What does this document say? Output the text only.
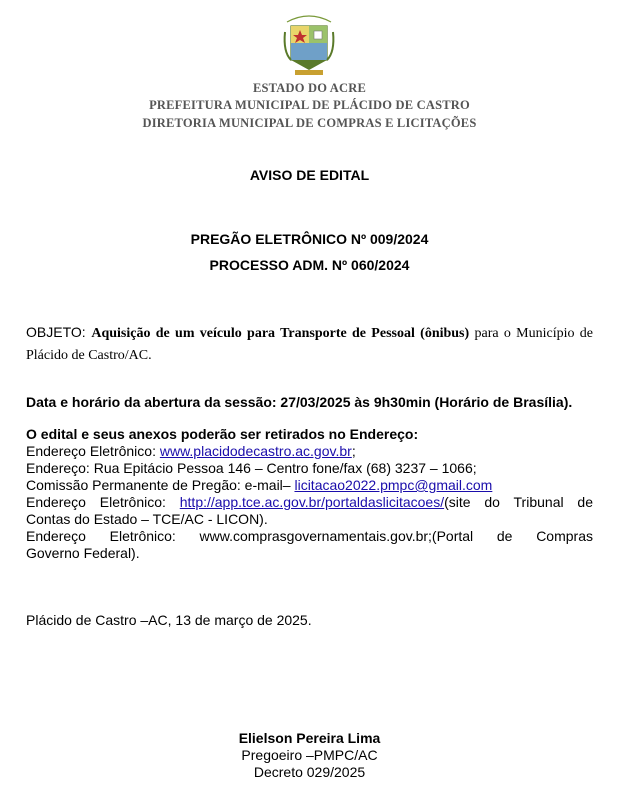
ESTADO DO ACRE
PREFEITURA MUNICIPAL DE PLÁCIDO DE CASTRO
DIRETORIA MUNICIPAL DE COMPRAS E LICITAÇÕES
AVISO DE EDITAL
PREGÃO ELETRÔNICO Nº 009/2024
PROCESSO ADM. Nº 060/2024
OBJETO: Aquisição de um veículo para Transporte de Pessoal (ônibus) para o Município de Plácido de Castro/AC.
Data e horário da abertura da sessão: 27/03/2025 às 9h30min (Horário de Brasília).
O edital e seus anexos poderão ser retirados no Endereço:
Endereço Eletrônico: www.placidodecastro.ac.gov.br;
Endereço: Rua Epitácio Pessoa 146 – Centro fone/fax (68) 3237 – 1066;
Comissão Permanente de Pregão: e-mail– licitacao2022.pmpc@gmail.com
Endereço Eletrônico: http://app.tce.ac.gov.br/portaldaslicitacoes/(site do Tribunal de
Contas do Estado – TCE/AC - LICON).
Endereço Eletrônico: www.comprasgovernamentais.gov.br;(Portal de Compras
Governo Federal).
Plácido de Castro –AC, 13 de março de 2025.
Elielson Pereira Lima
Pregoeiro –PMPC/AC
Decreto 029/2025
